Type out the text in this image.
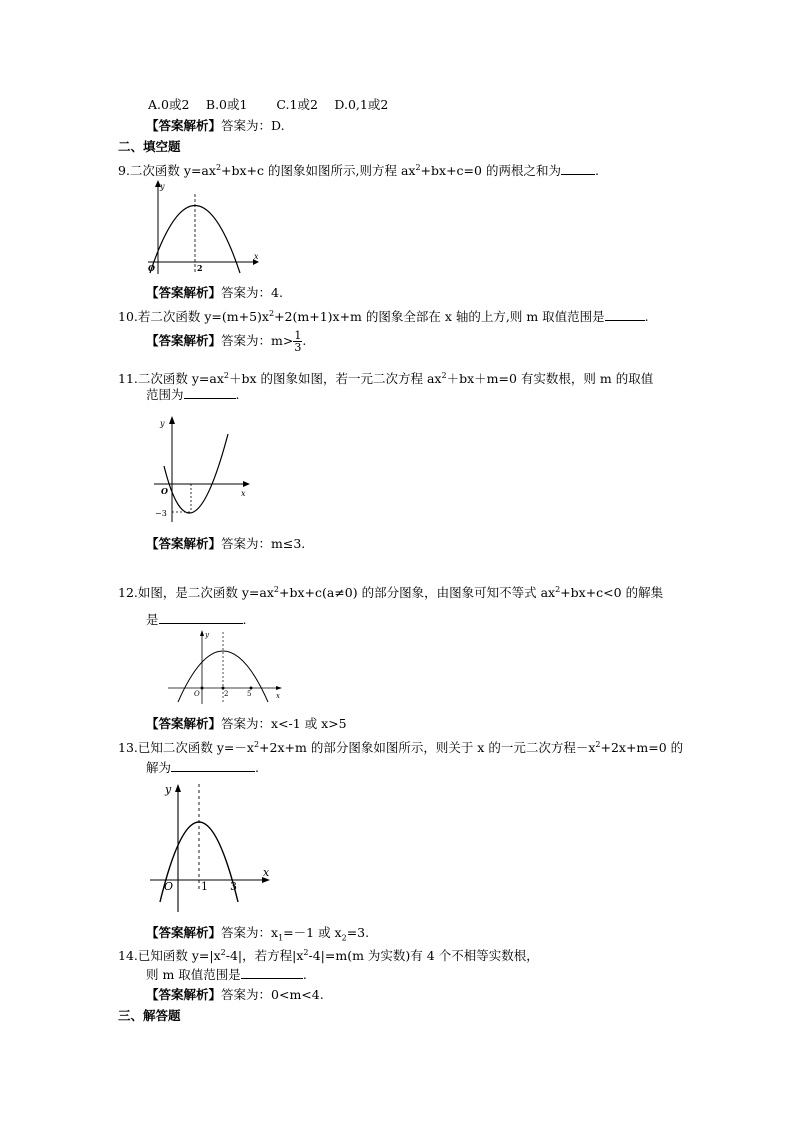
A.0或2　 B.0或1　　 C.1或2　 D.0,1或2
【答案解析】答案为：D.
二、填空题
9.二次函数 $y=ax^2+bx+c$ 的图象如图所示,则方程 $ax^2+bx+c=0$ 的两根之和为	.
y
x
O	2
【答案解析】答案为：4.
10.若二次函数 $y=(m+5)x^2+2(m+1)x+m$ 的图象全部在 x 轴的上方,则 m 取值范围是	.
【答案解析】答案为：$m> \frac{1}{3}$ .
11.二次函数 $y=ax^2+bx$ 的图象如图，若一元二次方程 $ax^2+bx+m=0$ 有实数根，则 m 的取值
范围为	.
y
x
O
−3
【答案解析】答案为：m≤3.
12.如图，是二次函数 $y=ax^2+bx+c(a\ne 0)$ 的部分图象，由图象可知不等式 $ax^2+bx+c<0$ 的解集
是	.
y
x
O	2	5
【答案解析】答案为：x<-1 或 x>5
13.已知二次函数 $y=-x^2+2x+m$ 的部分图象如图所示，则关于 x 的一元二次方程$-x^2+2x+m=0$ 的
解为	.
y
x
O	1 3
【答案解析】答案为：$x_1=-1$ 或 $x_2=3$.
14.已知函数 $y=|x^2-4|$，若方程$|x^2-4|=m(m$ 为实数)有 4 个不相等实数根，
则 m 取值范围是	.
【答案解析】答案为：0<m<4.
三、解答题
